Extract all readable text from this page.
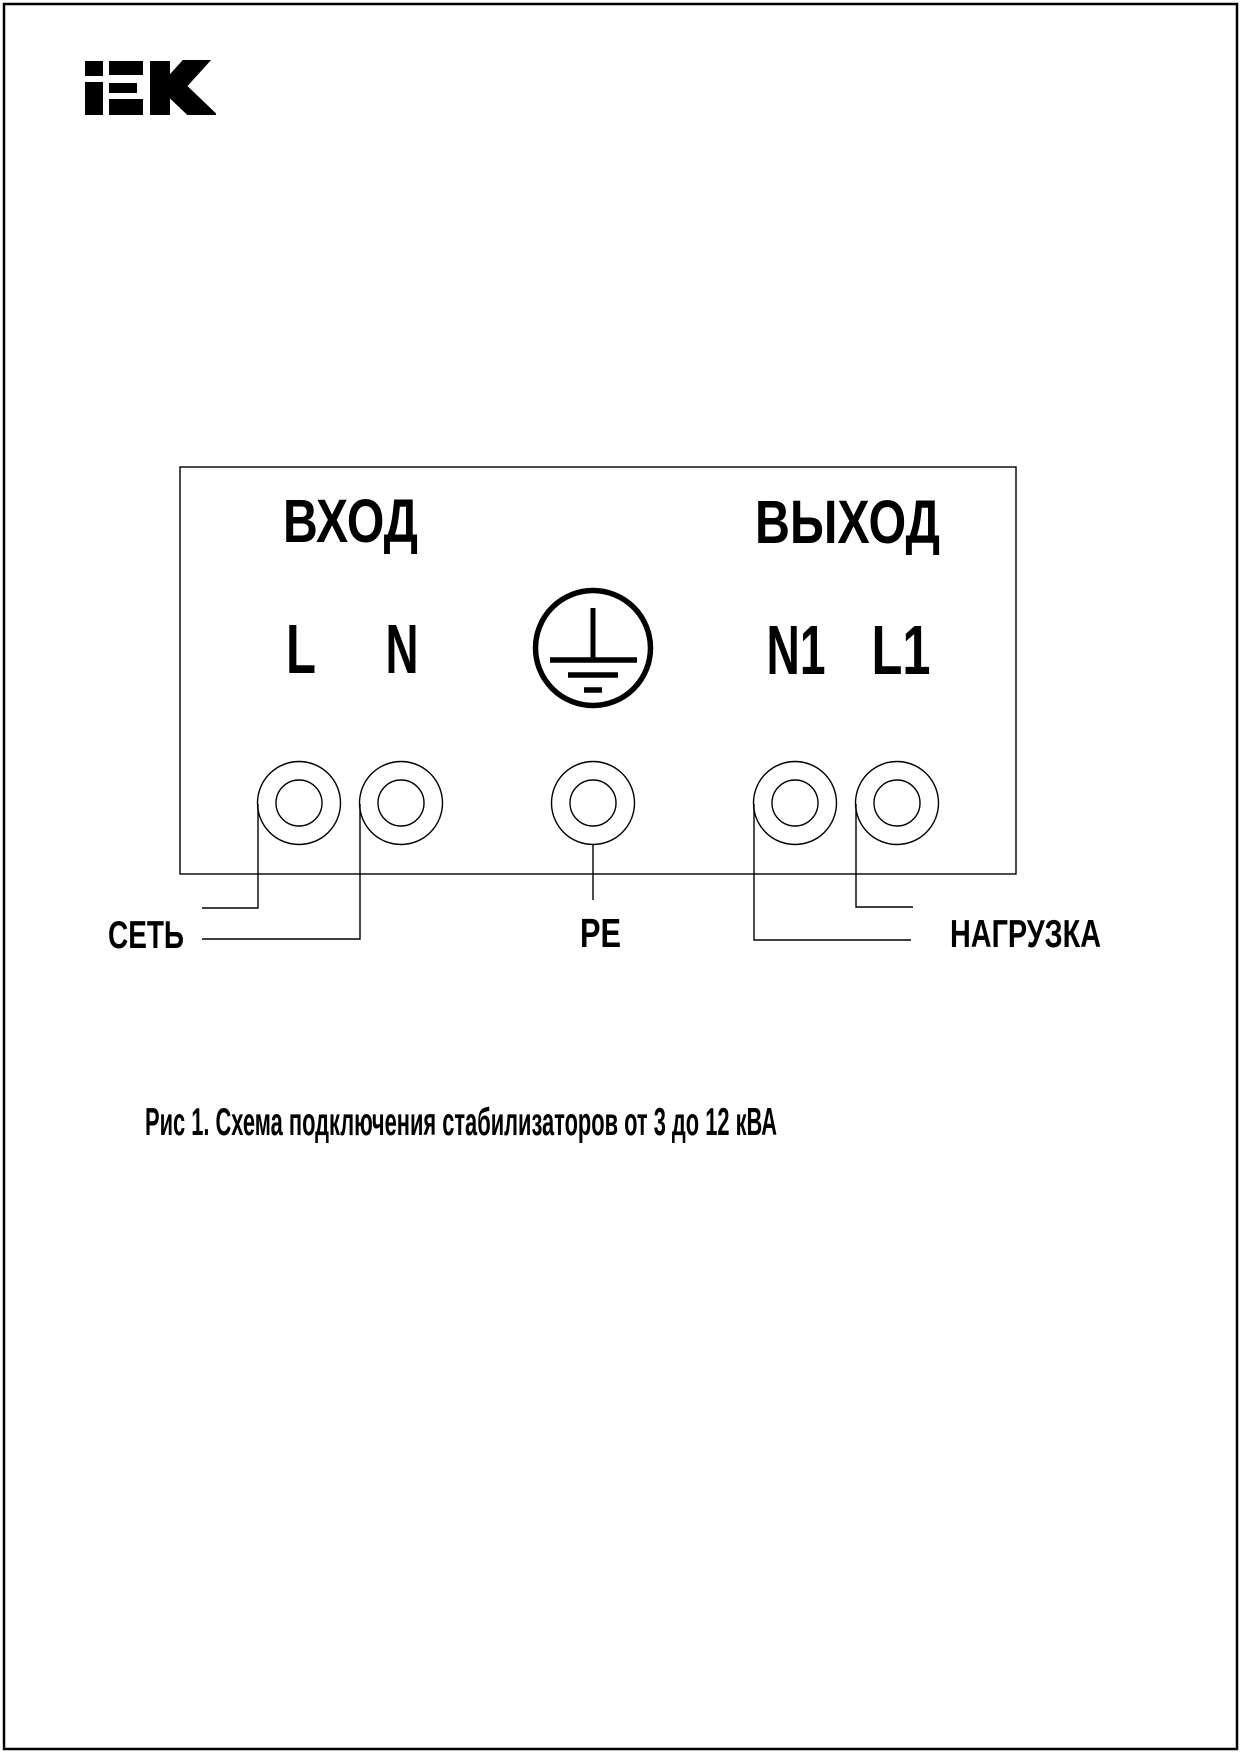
ВХОД	ВЫХОД
L N	N1 L1
СЕТЬ	PE	НАГРУЗКА
Рис 1. Схема подключения стабилизаторов от 3 до 12 кВА
